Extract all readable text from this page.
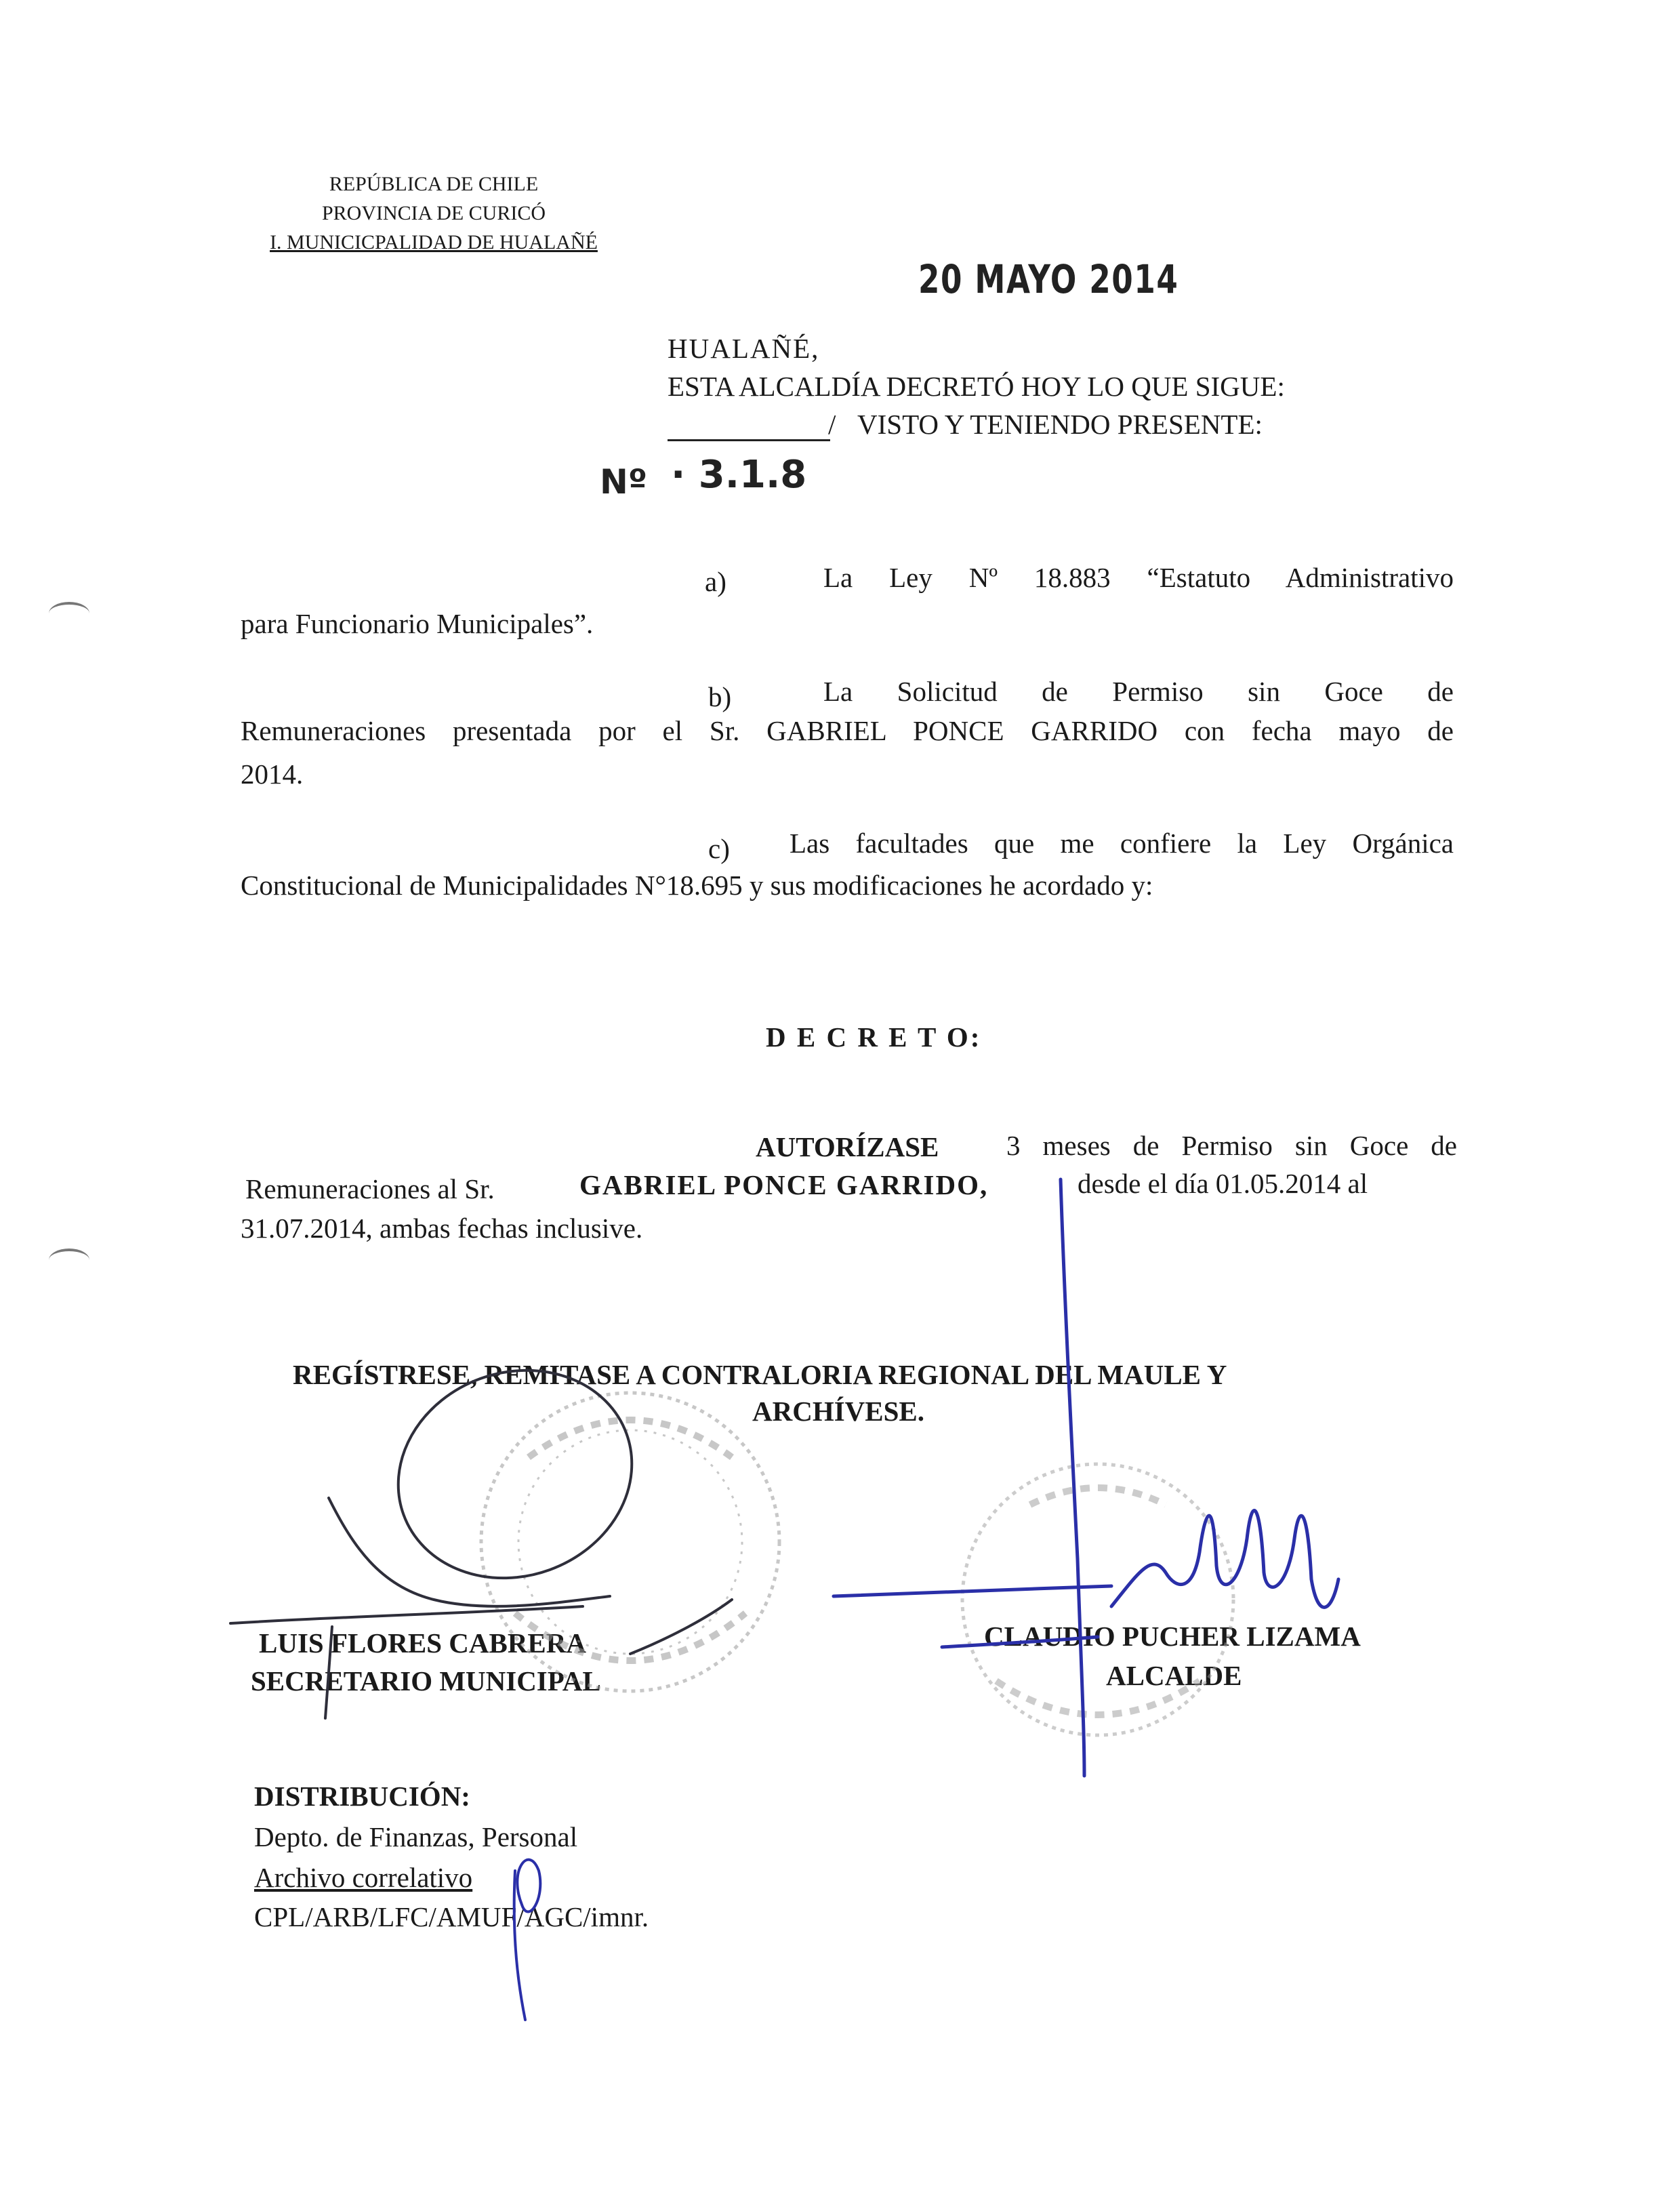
REPÚBLICA DE CHILE
PROVINCIA DE CURICÓ
I. MUNICICPALIDAD DE HUALAÑÉ
20 MAYO 2014
HUALAÑÉ,
ESTA ALCALDÍA DECRETÓ HOY LO QUE SIGUE:
/ VISTO Y TENIENDO PRESENTE:
Nº · 3.1.8
a)	La Ley Nº 18.883 “Estatuto Administrativo
para Funcionario Municipales”.
b)	La Solicitud de Permiso sin Goce de
Remuneraciones presentada por el Sr. GABRIEL PONCE GARRIDO con fecha mayo de
2014.
c) Las facultades que me confiere la Ley Orgánica
Constitucional de Municipalidades N°18.695 y sus modificaciones he acordado y:
D E C R E T O:
AUTORÍZASE 3 meses de Permiso sin Goce de
Remuneraciones al Sr.	GABRIEL PONCE GARRIDO,	desde el día 01.05.2014 al
31.07.2014, ambas fechas inclusive.
REGÍSTRESE, REMITASE A CONTRALORIA REGIONAL DEL MAULE Y
ARCHÍVESE.
LUIS FLORES CABRERA
SECRETARIO MUNICIPAL
CLAUDIO PUCHER LIZAMA
ALCALDE
DISTRIBUCIÓN:
Depto. de Finanzas, Personal
Archivo correlativo
CPL/ARB/LFC/AMUF/AGC/imnr.
